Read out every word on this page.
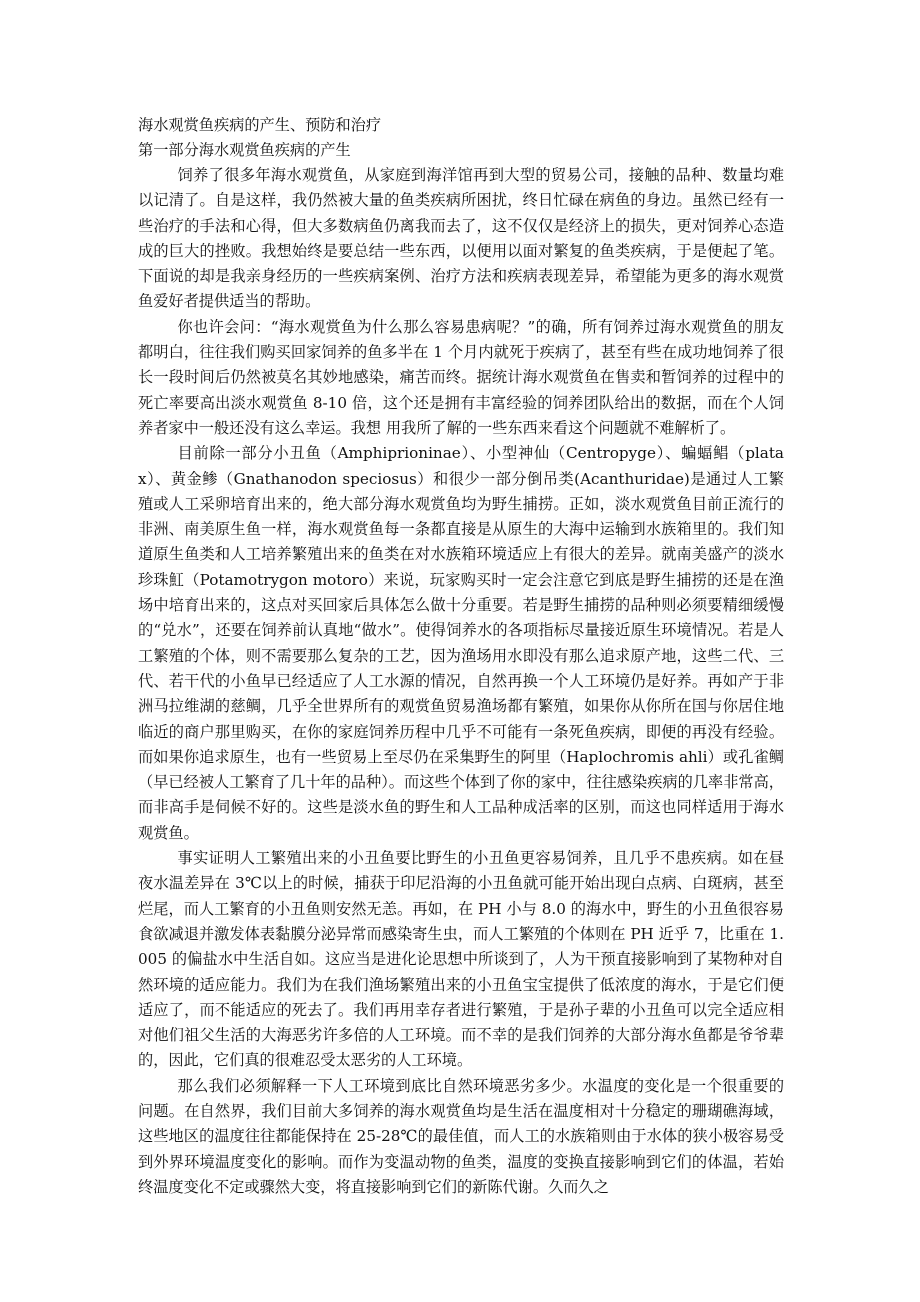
海水观赏鱼疾病的产生、预防和治疗
第一部分海水观赏鱼疾病的产生

饲养了很多年海水观赏鱼，从家庭到海洋馆再到大型的贸易公司，接触的品种、数量均难以记清了。自是这样，我仍然被大量的鱼类疾病所困扰，终日忙碌在病鱼的身边。虽然已经有一些治疗的手法和心得，但大多数病鱼仍离我而去了，这不仅仅是经济上的损失，更对饲养心态造成的巨大的挫败。我想始终是要总结一些东西，以便用以面对繁复的鱼类疾病，于是便起了笔。下面说的却是我亲身经历的一些疾病案例、治疗方法和疾病表现差异，希望能为更多的海水观赏鱼爱好者提供适当的帮助。

你也许会问：“海水观赏鱼为什么那么容易患病呢？”的确，所有饲养过海水观赏鱼的朋友都明白，往往我们购买回家饲养的鱼多半在 1 个月内就死于疾病了，甚至有些在成功地饲养了很长一段时间后仍然被莫名其妙地感染，痛苦而终。据统计海水观赏鱼在售卖和暂饲养的过程中的死亡率要高出淡水观赏鱼 8-10 倍，这个还是拥有丰富经验的饲养团队给出的数据，而在个人饲养者家中一般还没有这么幸运。我想 用我所了解的一些东西来看这个问题就不难解析了。

目前除一部分小丑鱼（Amphiprioninae）、小型神仙（Centropyge）、蝙蝠鲳（platax）、黄金鲹（Gnathanodon speciosus）和很少一部分倒吊类(Acanthuridae)是通过人工繁殖或人工采卵培育出来的，绝大部分海水观赏鱼均为野生捕捞。正如，淡水观赏鱼目前正流行的非洲、南美原生鱼一样，海水观赏鱼每一条都直接是从原生的大海中运输到水族箱里的。我们知道原生鱼类和人工培养繁殖出来的鱼类在对水族箱环境适应上有很大的差异。就南美盛产的淡水珍珠魟（Potamotrygon motoro）来说，玩家购买时一定会注意它到底是野生捕捞的还是在渔场中培育出来的，这点对买回家后具体怎么做十分重要。若是野生捕捞的品种则必须要精细缓慢的“兑水”，还要在饲养前认真地“做水”。使得饲养水的各项指标尽量接近原生环境情况。若是人工繁殖的个体，则不需要那么复杂的工艺，因为渔场用水即没有那么追求原产地，这些二代、三代、若干代的小鱼早已经适应了人工水源的情况，自然再换一个人工环境仍是好养。再如产于非洲马拉维湖的慈鲷，几乎全世界所有的观赏鱼贸易渔场都有繁殖，如果你从你所在国与你居住地临近的商户那里购买，在你的家庭饲养历程中几乎不可能有一条死鱼疾病，即便的再没有经验。而如果你追求原生，也有一些贸易上至尽仍在采集野生的阿里（Haplochromis ahli）或孔雀鲷（早已经被人工繁育了几十年的品种）。而这些个体到了你的家中，往往感染疾病的几率非常高，而非高手是伺候不好的。这些是淡水鱼的野生和人工品种成活率的区别，而这也同样适用于海水观赏鱼。

事实证明人工繁殖出来的小丑鱼要比野生的小丑鱼更容易饲养，且几乎不患疾病。如在昼夜水温差异在 3℃以上的时候，捕获于印尼沿海的小丑鱼就可能开始出现白点病、白斑病，甚至烂尾，而人工繁育的小丑鱼则安然无恙。再如，在 PH 小与 8.0 的海水中，野生的小丑鱼很容易食欲减退并激发体表黏膜分泌异常而感染寄生虫，而人工繁殖的个体则在 PH 近乎 7，比重在 1.005 的偏盐水中生活自如。这应当是进化论思想中所谈到了，人为干预直接影响到了某物种对自然环境的适应能力。我们为在我们渔场繁殖出来的小丑鱼宝宝提供了低浓度的海水，于是它们便适应了，而不能适应的死去了。我们再用幸存者进行繁殖，于是孙子辈的小丑鱼可以完全适应相对他们祖父生活的大海恶劣许多倍的人工环境。而不幸的是我们饲养的大部分海水鱼都是爷爷辈的，因此，它们真的很难忍受太恶劣的人工环境。

那么我们必须解释一下人工环境到底比自然环境恶劣多少。水温度的变化是一个很重要的问题。在自然界，我们目前大多饲养的海水观赏鱼均是生活在温度相对十分稳定的珊瑚礁海域，这些地区的温度往往都能保持在 25-28℃的最佳值，而人工的水族箱则由于水体的狭小极容易受到外界环境温度变化的影响。而作为变温动物的鱼类，温度的变换直接影响到它们的体温，若始终温度变化不定或骤然大变，将直接影响到它们的新陈代谢。久而久之
